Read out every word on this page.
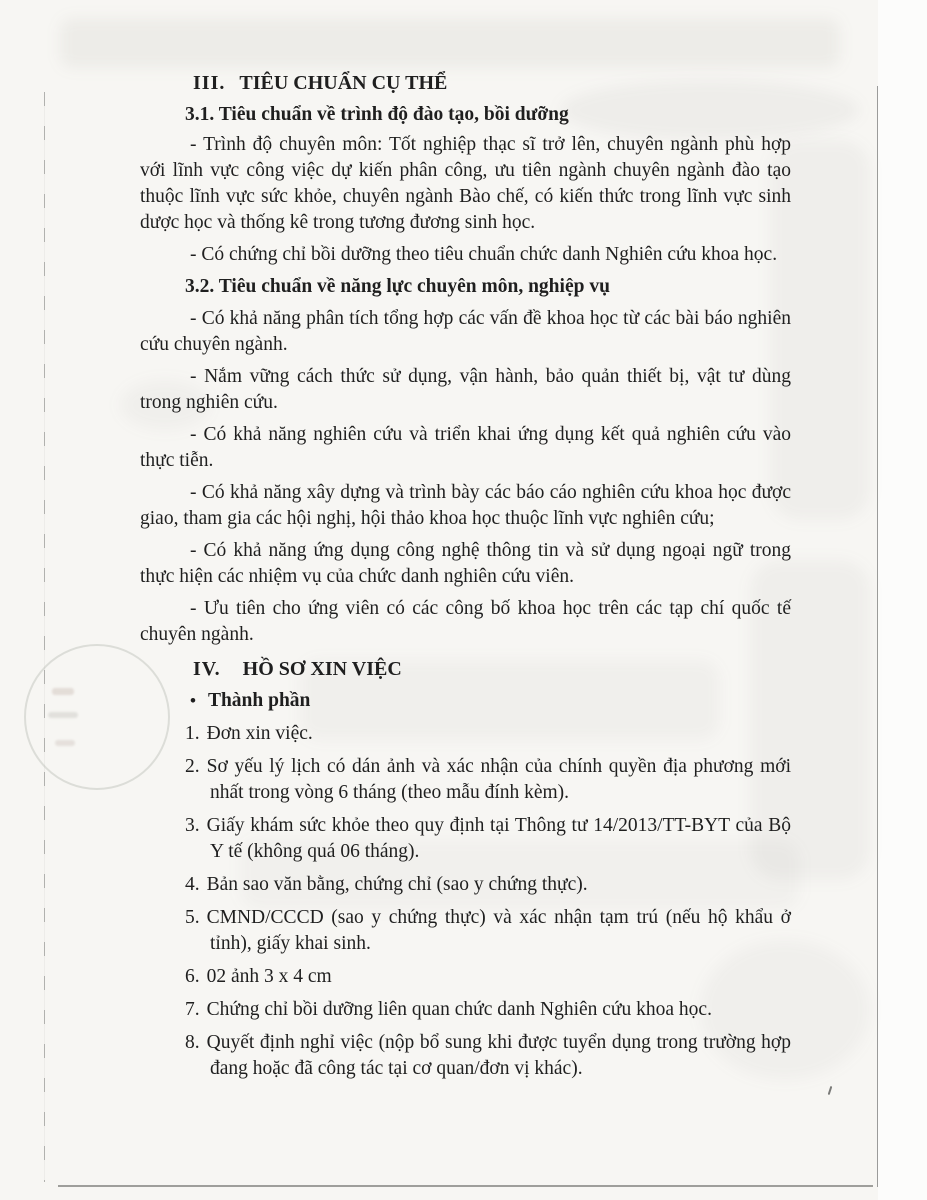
III. TIÊU CHUẨN CỤ THỂ
3.1. Tiêu chuẩn về trình độ đào tạo, bồi dưỡng
- Trình độ chuyên môn: Tốt nghiệp thạc sĩ trở lên, chuyên ngành phù hợp với lĩnh vực công việc dự kiến phân công, ưu tiên ngành chuyên ngành đào tạo thuộc lĩnh vực sức khỏe, chuyên ngành Bào chế, có kiến thức trong lĩnh vực sinh dược học và thống kê trong tương đương sinh học.
- Có chứng chỉ bồi dưỡng theo tiêu chuẩn chức danh Nghiên cứu khoa học.
3.2. Tiêu chuẩn về năng lực chuyên môn, nghiệp vụ
- Có khả năng phân tích tổng hợp các vấn đề khoa học từ các bài báo nghiên cứu chuyên ngành.
- Nắm vững cách thức sử dụng, vận hành, bảo quản thiết bị, vật tư dùng trong nghiên cứu.
- Có khả năng nghiên cứu và triển khai ứng dụng kết quả nghiên cứu vào thực tiễn.
- Có khả năng xây dựng và trình bày các báo cáo nghiên cứu khoa học được giao, tham gia các hội nghị, hội thảo khoa học thuộc lĩnh vực nghiên cứu;
- Có khả năng ứng dụng công nghệ thông tin và sử dụng ngoại ngữ trong thực hiện các nhiệm vụ của chức danh nghiên cứu viên.
- Ưu tiên cho ứng viên có các công bố khoa học trên các tạp chí quốc tế chuyên ngành.
IV. HỒ SƠ XIN VIỆC
• Thành phần
1. Đơn xin việc.
2. Sơ yếu lý lịch có dán ảnh và xác nhận của chính quyền địa phương mới nhất trong vòng 6 tháng (theo mẫu đính kèm).
3. Giấy khám sức khỏe theo quy định tại Thông tư 14/2013/TT-BYT của Bộ Y tế (không quá 06 tháng).
4. Bản sao văn bằng, chứng chỉ (sao y chứng thực).
5. CMND/CCCD (sao y chứng thực) và xác nhận tạm trú (nếu hộ khẩu ở tỉnh), giấy khai sinh.
6. 02 ảnh 3 x 4 cm
7. Chứng chỉ bồi dưỡng liên quan chức danh Nghiên cứu khoa học.
8. Quyết định nghỉ việc (nộp bổ sung khi được tuyển dụng trong trường hợp đang hoặc đã công tác tại cơ quan/đơn vị khác).
